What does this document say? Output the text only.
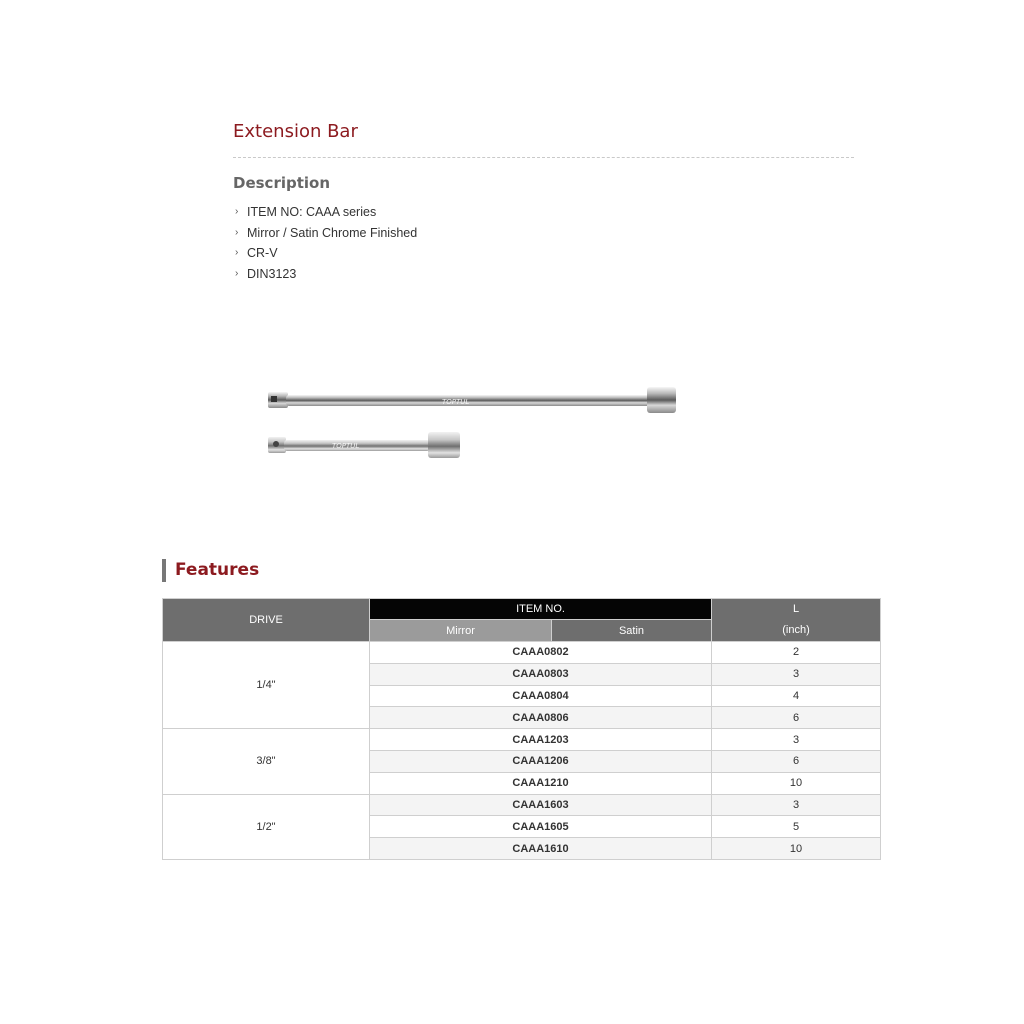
Extension Bar
Description
› ITEM NO: CAAA series
› Mirror / Satin Chrome Finished
› CR-V
› DIN3123
TOPTUL
TOPTUL
Features
DRIVE	ITEM NO.		L
(inch)

	Mirror	Satin	
1/4"	CAAA0802		2
	CAAA0803		3
	CAAA0804		4
	CAAA0806		6
3/8"	CAAA1203		3
	CAAA1206		6
	CAAA1210		10
1/2"	CAAA1603		3
	CAAA1605		5
	CAAA1610		10
